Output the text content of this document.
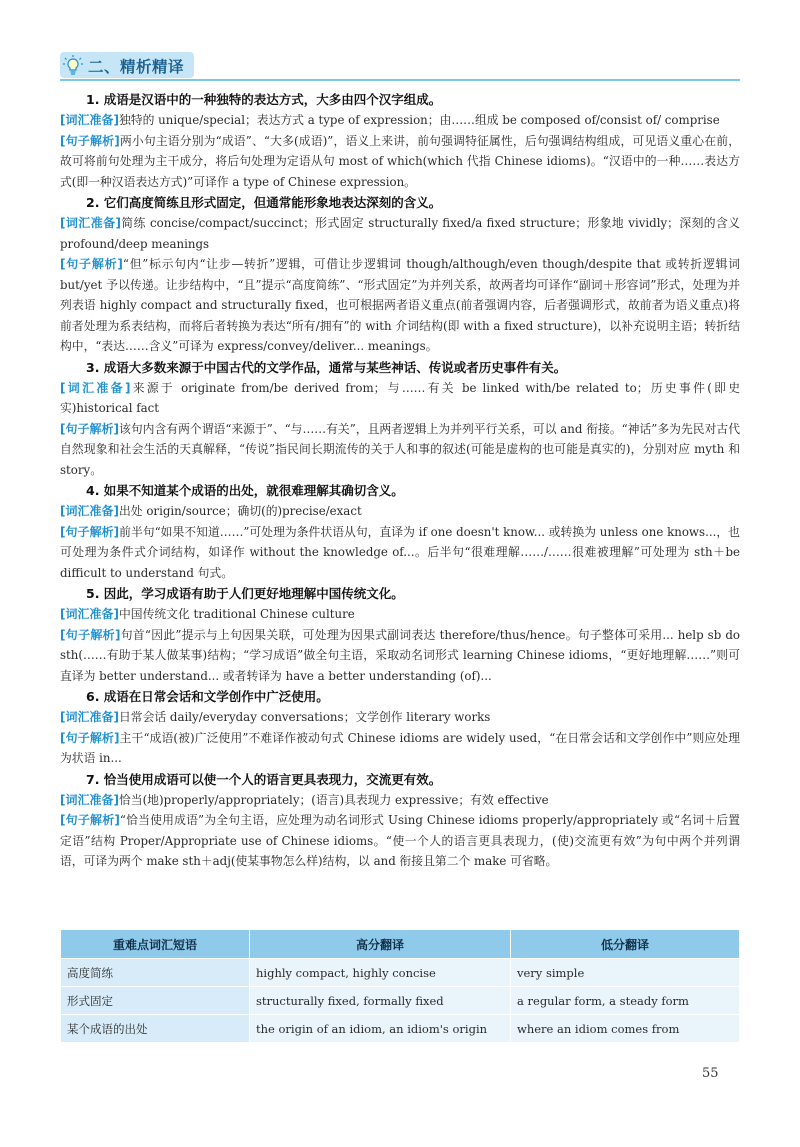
二、精析精译
1. 成语是汉语中的一种独特的表达方式，大多由四个汉字组成。

[词汇准备]独特的 unique/special；表达方式 a type of expression；由……组成 be composed of/consist of/ comprise

[句子解析]两小句主语分别为“成语”、“大多(成语)”，语义上来讲，前句强调特征属性，后句强调结构组成，可见语义重心在前，故可将前句处理为主干成分，将后句处理为定语从句 most of which(which 代指 Chinese idioms)。“汉语中的一种……表达方式(即一种汉语表达方式)”可译作 a type of Chinese expression。

2. 它们高度简练且形式固定，但通常能形象地表达深刻的含义。

[词汇准备]简练 concise/compact/succinct；形式固定 structurally fixed/a fixed structure；形象地 vividly；深刻的含义 profound/deep meanings

[句子解析]“但”标示句内“让步—转折”逻辑，可借让步逻辑词 though/although/even though/despite that 或转折逻辑词 but/yet 予以传递。让步结构中，“且”提示“高度简练”、“形式固定”为并列关系，故两者均可译作“副词＋形容词”形式，处理为并列表语 highly compact and structurally fixed，也可根据两者语义重点(前者强调内容，后者强调形式，故前者为语义重点)将前者处理为系表结构，而将后者转换为表达“所有/拥有”的 with 介词结构(即 with a fixed structure)，以补充说明主语；转折结构中，“表达……含义”可译为 express/convey/deliver... meanings。

3. 成语大多数来源于中国古代的文学作品，通常与某些神话、传说或者历史事件有关。

[词汇准备]来源于 originate from/be derived from；与……有关 be linked with/be related to；历史事件(即史实)historical fact

[句子解析]该句内含有两个谓语“来源于”、“与……有关”，且两者逻辑上为并列平行关系，可以 and 衔接。“神话”多为先民对古代自然现象和社会生活的天真解释，“传说”指民间长期流传的关于人和事的叙述(可能是虚构的也可能是真实的)，分别对应 myth 和 story。

4. 如果不知道某个成语的出处，就很难理解其确切含义。

[词汇准备]出处 origin/source；确切(的)precise/exact

[句子解析]前半句“如果不知道……”可处理为条件状语从句，直译为 if one doesn't know... 或转换为 unless one knows...，也可处理为条件式介词结构，如译作 without the knowledge of...。后半句“很难理解……/……很难被理解”可处理为 sth＋be difficult to understand 句式。

5. 因此，学习成语有助于人们更好地理解中国传统文化。

[词汇准备]中国传统文化 traditional Chinese culture

[句子解析]句首“因此”提示与上句因果关联，可处理为因果式副词表达 therefore/thus/hence。句子整体可采用... help sb do sth(……有助于某人做某事)结构；“学习成语”做全句主语，采取动名词形式 learning Chinese idioms，“更好地理解……”则可直译为 better understand... 或者转译为 have a better understanding (of)...

6. 成语在日常会话和文学创作中广泛使用。

[词汇准备]日常会话 daily/everyday conversations；文学创作 literary works

[句子解析]主干“成语(被)广泛使用”不难译作被动句式 Chinese idioms are widely used，“在日常会话和文学创作中”则应处理为状语 in...

7. 恰当使用成语可以使一个人的语言更具表现力，交流更有效。

[词汇准备]恰当(地)properly/appropriately；(语言)具表现力 expressive；有效 effective

[句子解析]“恰当使用成语”为全句主语，应处理为动名词形式 Using Chinese idioms properly/appropriately 或“名词＋后置定语”结构 Proper/Appropriate use of Chinese idioms。“使一个人的语言更具表现力，(使)交流更有效”为句中两个并列谓语，可译为两个 make sth＋adj(使某事物怎么样)结构，以 and 衔接且第二个 make 可省略。

重难点词汇短语	高分翻译	低分翻译
高度简练	highly compact, highly concise	very simple
形式固定	structurally fixed, formally fixed	a regular form, a steady form
某个成语的出处	the origin of an idiom, an idiom's origin	where an idiom comes from
55
